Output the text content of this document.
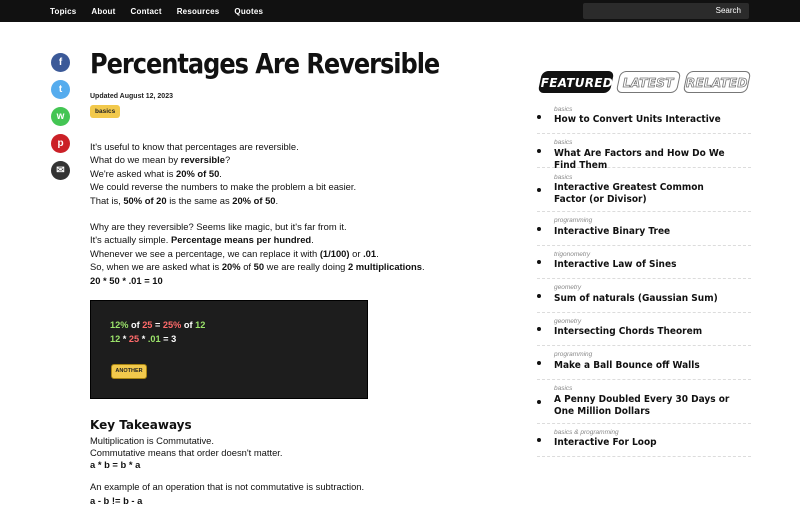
Topics About Contact Resources Quotes	Search
f
t
w
p
✉
Percentages Are Reversible
Updated August 12, 2023
basics
It's useful to know that percentages are reversible.
What do we mean by reversible?
We're asked what is 20% of 50.
We could reverse the numbers to make the problem a bit easier.
That is, 50% of 20 is the same as 20% of 50.
Why are they reversible? Seems like magic, but it's far from it.
It's actually simple. Percentage means per hundred.
Whenever we see a percentage, we can replace it with (1/100) or .01.
So, when we are asked what is 20% of 50 we are really doing 2 multiplications.
20 * 50 * .01 = 10
12% of 25 = 25% of 12
12 * 25 * .01 = 3
ANOTHER
Key Takeaways
Multiplication is Commutative.
Commutative means that order doesn't matter.
a * b = b * a
An example of an operation that is not commutative is subtraction.
a - b != b - a
FEATURED LATEST	RELATED
basics
How to Convert Units Interactive
basics
What Are Factors and How Do We Find Them
basics
Interactive Greatest Common Factor (or Divisor)
programming
Interactive Binary Tree
trigonometry
Interactive Law of Sines
geometry
Sum of naturals (Gaussian Sum)
geometry
Intersecting Chords Theorem
programming
Make a Ball Bounce off Walls
basics
A Penny Doubled Every 30 Days or One Million Dollars
basics & programming
Interactive For Loop
